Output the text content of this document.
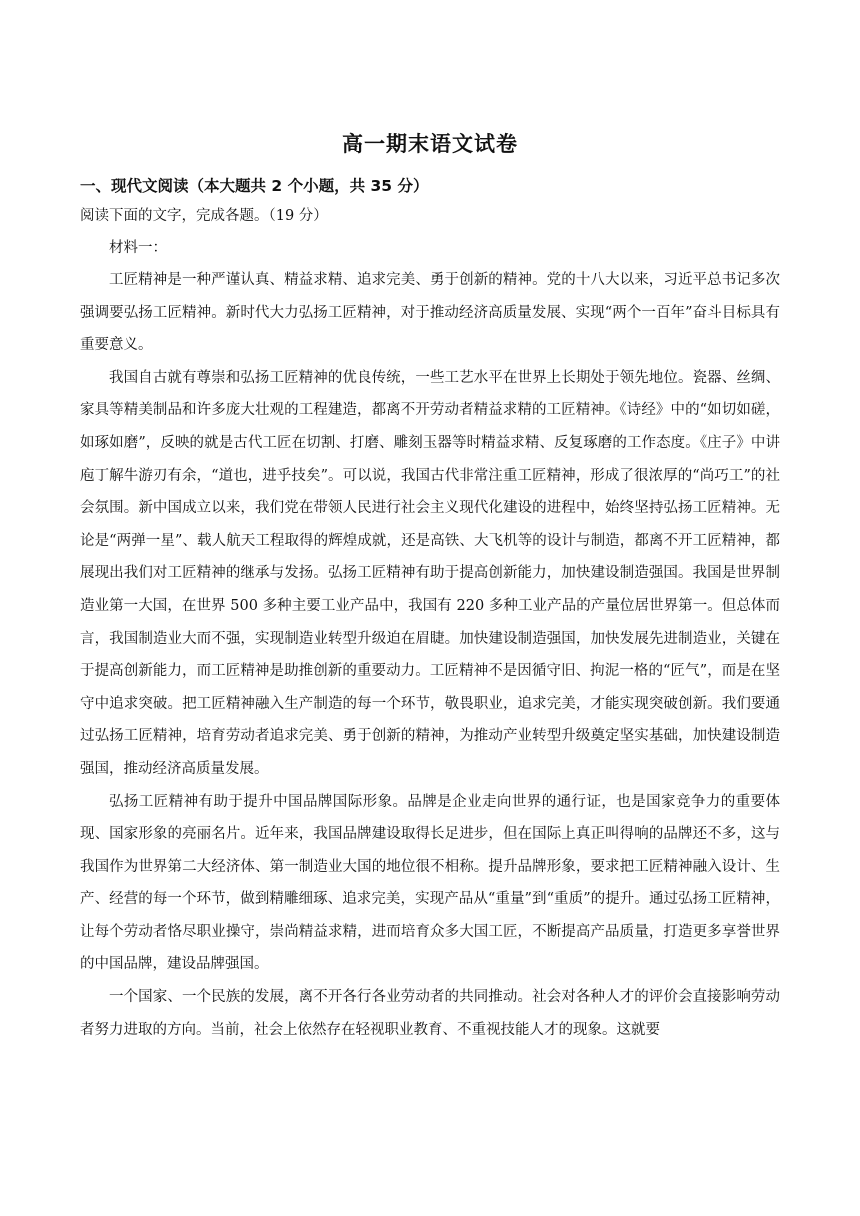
高一期末语文试卷
一、现代文阅读（本大题共 2 个小题，共 35 分）

阅读下面的文字，完成各题。（19 分）

材料一：

工匠精神是一种严谨认真、精益求精、追求完美、勇于创新的精神。党的十八大以来，习近平总书记多次强调要弘扬工匠精神。新时代大力弘扬工匠精神，对于推动经济高质量发展、实现“两个一百年”奋斗目标具有重要意义。

我国自古就有尊崇和弘扬工匠精神的优良传统，一些工艺水平在世界上长期处于领先地位。瓷器、丝绸、家具等精美制品和许多庞大壮观的工程建造，都离不开劳动者精益求精的工匠精神。《诗经》中的“如切如磋，如琢如磨”，反映的就是古代工匠在切割、打磨、雕刻玉器等时精益求精、反复琢磨的工作态度。《庄子》中讲庖丁解牛游刃有余，“道也，进乎技矣”。可以说，我国古代非常注重工匠精神，形成了很浓厚的“尚巧工”的社会氛围。新中国成立以来，我们党在带领人民进行社会主义现代化建设的进程中，始终坚持弘扬工匠精神。无论是“两弹一星”、载人航天工程取得的辉煌成就，还是高铁、大飞机等的设计与制造，都离不开工匠精神，都展现出我们对工匠精神的继承与发扬。弘扬工匠精神有助于提高创新能力，加快建设制造强国。我国是世界制造业第一大国，在世界 500 多种主要工业产品中，我国有 220 多种工业产品的产量位居世界第一。但总体而言，我国制造业大而不强，实现制造业转型升级迫在眉睫。加快建设制造强国，加快发展先进制造业，关键在于提高创新能力，而工匠精神是助推创新的重要动力。工匠精神不是因循守旧、拘泥一格的“匠气”，而是在坚守中追求突破。把工匠精神融入生产制造的每一个环节，敬畏职业，追求完美，才能实现突破创新。我们要通过弘扬工匠精神，培育劳动者追求完美、勇于创新的精神，为推动产业转型升级奠定坚实基础，加快建设制造强国，推动经济高质量发展。

弘扬工匠精神有助于提升中国品牌国际形象。品牌是企业走向世界的通行证，也是国家竞争力的重要体现、国家形象的亮丽名片。近年来，我国品牌建设取得长足进步，但在国际上真正叫得响的品牌还不多，这与我国作为世界第二大经济体、第一制造业大国的地位很不相称。提升品牌形象，要求把工匠精神融入设计、生产、经营的每一个环节，做到精雕细琢、追求完美，实现产品从“重量”到“重质”的提升。通过弘扬工匠精神，让每个劳动者恪尽职业操守，崇尚精益求精，进而培育众多大国工匠，不断提高产品质量，打造更多享誉世界的中国品牌，建设品牌强国。

一个国家、一个民族的发展，离不开各行各业劳动者的共同推动。社会对各种人才的评价会直接影响劳动者努力进取的方向。当前，社会上依然存在轻视职业教育、不重视技能人才的现象。这就要
